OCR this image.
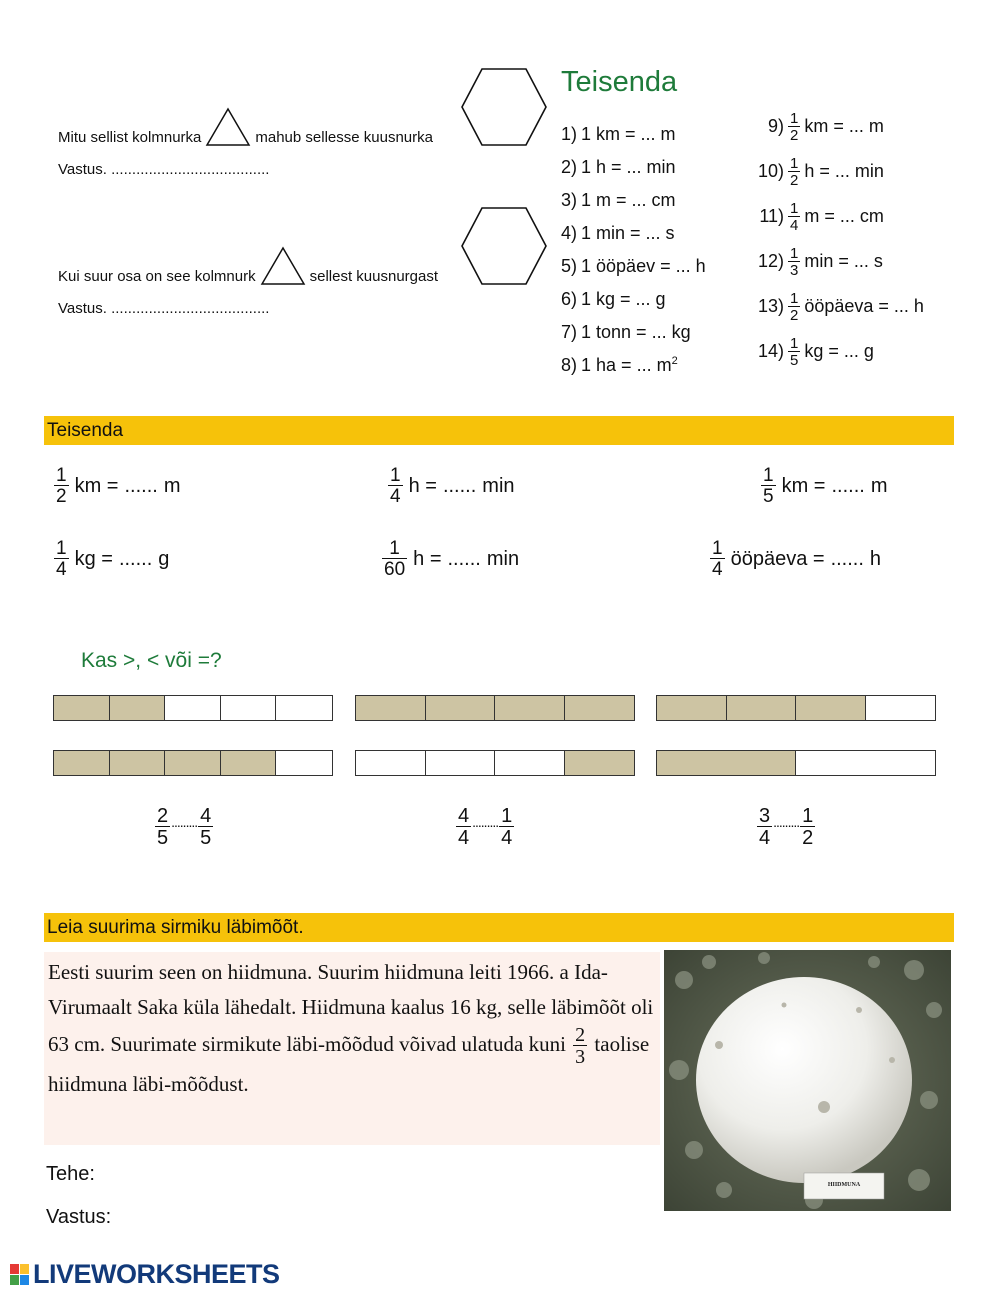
Mitu sellist kolmnurka	mahub sellesse kuusnurka
Vastus. ......................................
Kui suur osa on see kolmnurk	sellest kuusnurgast
Vastus. ......................................
Teisenda
1) 1 km = ... m
2) 1 h = ... min
3) 1 m = ... cm
4) 1 min = ... s
5) 1 ööpäev = ... h
6) 1 kg = ... g
7) 1 tonn = ... kg
8) 1 ha = ... $m^2$
$9) \frac{1}{2}$ km = ... m
$10) \frac{1}{2}$ h = ... min
$11) \frac{1}{4}$ m = ... cm
$12) \frac{1}{3}$ min = ... s
$13) \frac{1}{2}$ ööpäeva = ... h
$14) \frac{1}{5}$ kg = ... g
Teisenda
$\frac{1}{2}$ km = ...... m	$\frac{1}{4}$ h = ...... min	$\frac{1}{5}$ km = ...... m
$\frac{1}{4}$ kg = ...... g	$\frac{1}{60}$ h = ...... min	$\frac{1}{4}$ ööpäeva = ...... h
Kas >, < või =?
$\frac{2}{5}$ ......... $\frac{4}{5}$	$\frac{4}{4}$ ......... $\frac{1}{4}$	$\frac{3}{4}$ ......... $\frac{1}{2}$
Leia suurima sirmiku läbimõõt.
Eesti suurim seen on hiidmuna. Suurim hiidmuna leiti 1966. a Ida-Virumaalt Saka küla lähedalt. Hiidmuna kaalus 16 kg, selle läbimõõt oli 63 cm. Suurimate sirmikute läbi-mõõdud võivad ulatuda kuni $\frac{2}{3}$ taolise hiidmuna läbi-mõõdust.
Tehe:
Vastus:
HIIDMUNA
LIVEWORKSHEETS
